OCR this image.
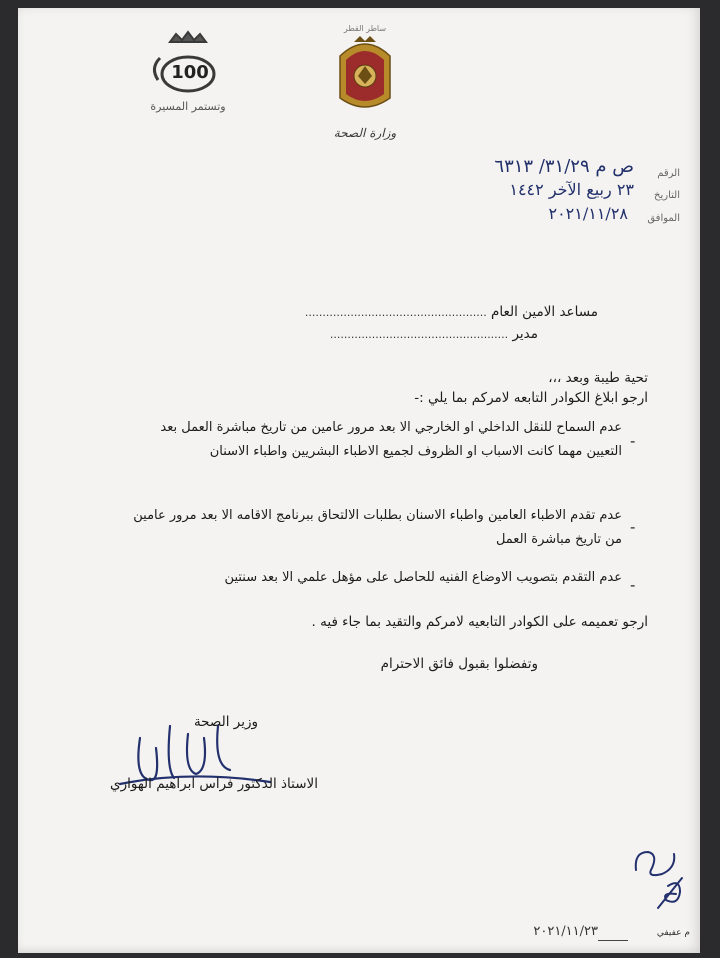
100
وتستمر المسيرة
ساطر القطر
وزارة الصحة
الرقم
ص م ٣١/٢٩/ ٦٣١٣
التاريخ
٢٣ ربيع الآخر ١٤٤٢
الموافق
٢٠٢١/١١/٢٨
مساعد الامين العام ....................................................
مدير ...................................................
تحية طيبة وبعد ،،،
ارجو ابلاغ الكوادر التابعه لامركم بما يلي :-
-
عدم السماح للنقل الداخلي او الخارجي الا بعد مرور عامين من تاريخ مباشرة العمل بعد
التعيين مهما كانت الاسباب او الظروف لجميع الاطباء البشريين واطباء الاسنان
-
عدم تقدم الاطباء العامين واطباء الاسنان بطلبات الالتحاق ببرنامج الاقامه الا بعد مرور عامين
من تاريخ مباشرة العمل
-
عدم التقدم بتصويب الاوضاع الفنيه للحاصل على مؤهل علمي الا بعد سنتين
ارجو تعميمه على الكوادر التابعيه لامركم والتقيد بما جاء فيه .
وتفضلوا بقبول فائق الاحترام
وزير الصحة
الاستاذ الدكتور فراس ابراهيم الهواري
م عفيفي
٢٠٢١/١١/٢٣
